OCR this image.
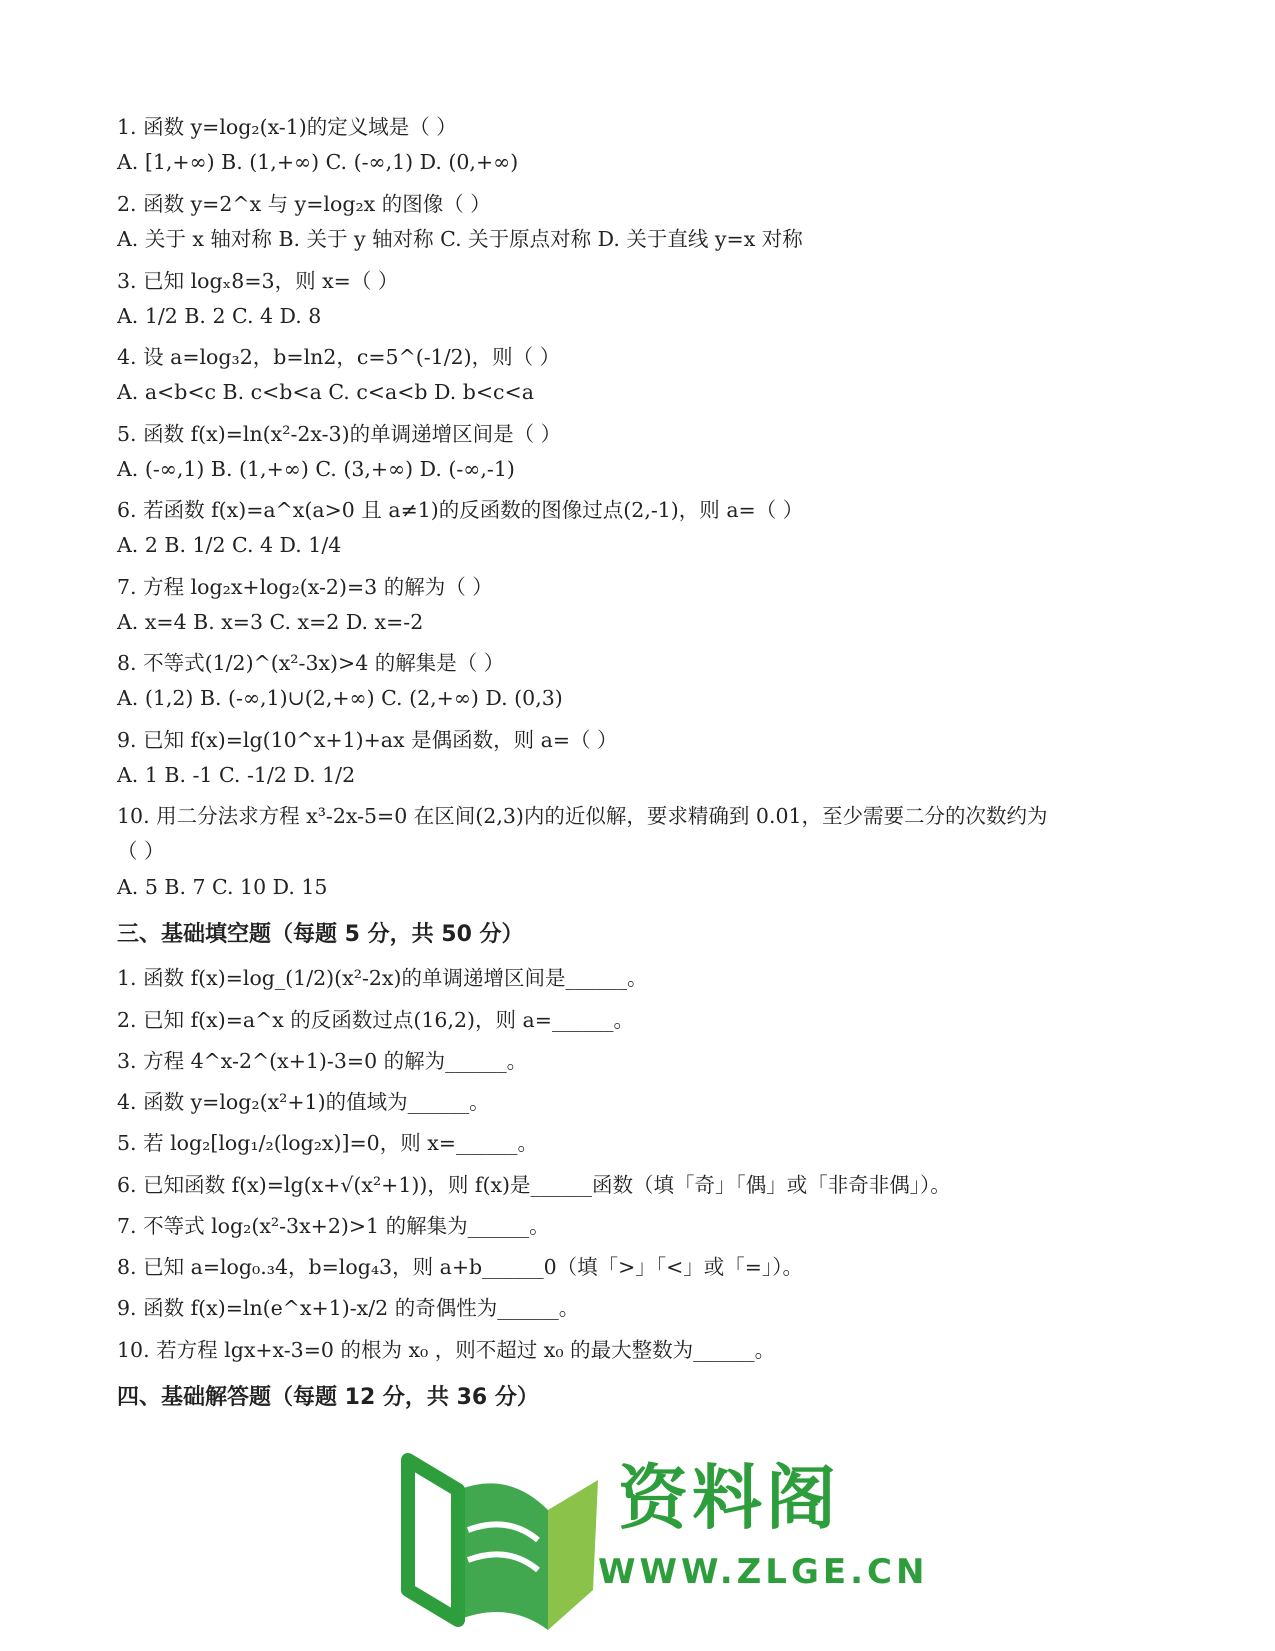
1. 函数 y=log₂(x-1)的定义域是（ ）
A. [1,+∞) B. (1,+∞) C. (-∞,1) D. (0,+∞)
2. 函数 y=2^x 与 y=log₂x 的图像（ ）
A. 关于 x 轴对称 B. 关于 y 轴对称 C. 关于原点对称 D. 关于直线 y=x 对称
3. 已知 logₓ8=3，则 x=（ ）
A. 1/2 B. 2 C. 4 D. 8
4. 设 a=log₃2，b=ln2，c=5^(-1/2)，则（ ）
A. a<b<c B. c<b<a C. c<a<b D. b<c<a
5. 函数 f(x)=ln(x²-2x-3)的单调递增区间是（ ）
A. (-∞,1) B. (1,+∞) C. (3,+∞) D. (-∞,-1)
6. 若函数 f(x)=a^x(a>0 且 a≠1)的反函数的图像过点(2,-1)，则 a=（ ）
A. 2 B. 1/2 C. 4 D. 1/4
7. 方程 log₂x+log₂(x-2)=3 的解为（ ）
A. x=4 B. x=3 C. x=2 D. x=-2
8. 不等式(1/2)^(x²-3x)>4 的解集是（ ）
A. (1,2) B. (-∞,1)∪(2,+∞) C. (2,+∞) D. (0,3)
9. 已知 f(x)=lg(10^x+1)+ax 是偶函数，则 a=（ ）
A. 1 B. -1 C. -1/2 D. 1/2
10. 用二分法求方程 x³-2x-5=0 在区间(2,3)内的近似解，要求精确到 0.01，至少需要二分的次数约为
（ ）
A. 5 B. 7 C. 10 D. 15
三、基础填空题（每题 5 分，共 50 分）
1. 函数 f(x)=log_(1/2)(x²-2x)的单调递增区间是______。
2. 已知 f(x)=a^x 的反函数过点(16,2)，则 a=______。
3. 方程 4^x-2^(x+1)-3=0 的解为______。
4. 函数 y=log₂(x²+1)的值域为______。
5. 若 log₂[log₁/₂(log₂x)]=0，则 x=______。
6. 已知函数 f(x)=lg(x+√(x²+1))，则 f(x)是______函数（填「奇」「偶」或「非奇非偶」）。
7. 不等式 log₂(x²-3x+2)>1 的解集为______。
8. 已知 a=log₀.₃4，b=log₄3，则 a+b______0（填「>」「<」或「=」）。
9. 函数 f(x)=ln(e^x+1)-x/2 的奇偶性为______。
10. 若方程 lgx+x-3=0 的根为 x₀ ，则不超过 x₀ 的最大整数为______。
四、基础解答题（每题 12 分，共 36 分）
资料阁
WWW.ZLGE.CN
